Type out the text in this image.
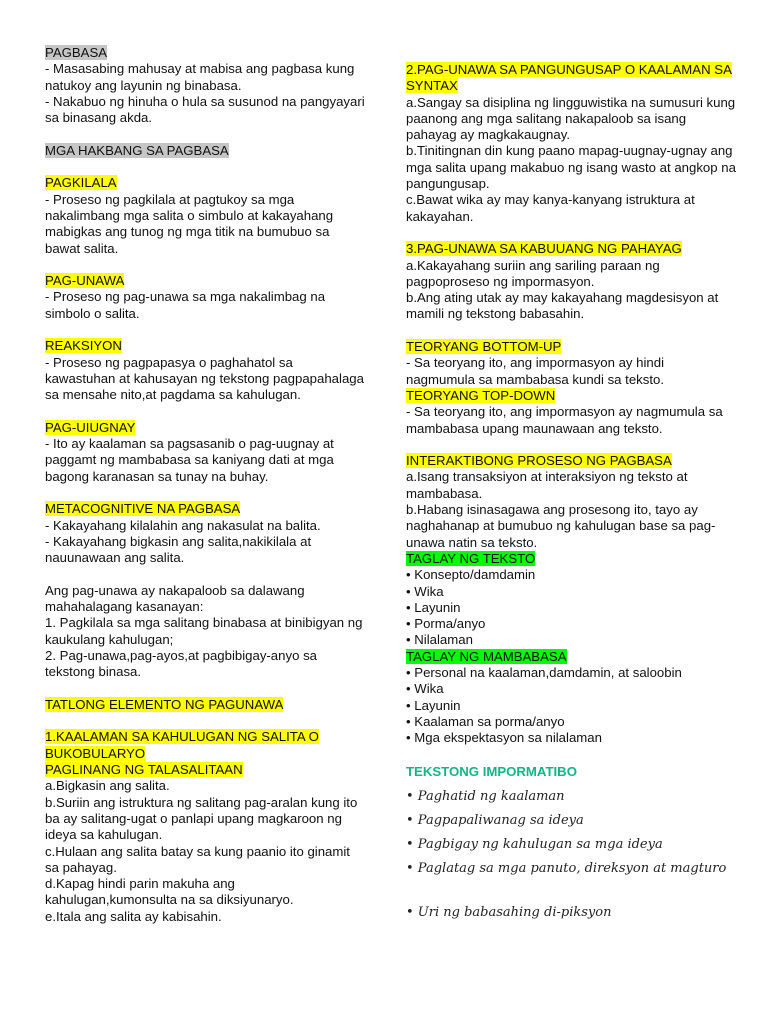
PAGBASA

- Masasabing mahusay at mabisa ang pagbasa kung natukoy ang layunin ng binabasa.

- Nakabuo ng hinuha o hula sa susunod na pangyayari sa binasang akda.

MGA HAKBANG SA PAGBASA
PAGKILALA

- Proseso ng pagkilala at pagtukoy sa mga nakalimbang mga salita o simbulo at kakayahang mabigkas ang tunog ng mga titik na bumubuo sa bawat salita.

PAG-UNAWA

- Proseso ng pag-unawa sa mga nakalimbag na simbolo o salita.

REAKSIYON

- Proseso ng pagpapasya o paghahatol sa kawastuhan at kahusayan ng tekstong pagpapahalaga sa mensahe nito,at pagdama sa kahulugan.

PAG-UIUGNAY

- Ito ay kaalaman sa pagsasanib o pag-uugnay at paggamt ng mambabasa sa kaniyang dati at mga bagong karanasan sa tunay na buhay.

METACOGNITIVE NA PAGBASA

- Kakayahang kilalahin ang nakasulat na balita.

- Kakayahang bigkasin ang salita,nakikilala at nauunawaan ang salita.

Ang pag-unawa ay nakapaloob sa dalawang mahahalagang kasanayan:

1. Pagkilala sa mga salitang binabasa at binibigyan ng kaukulang kahulugan;

2. Pag-unawa,pag-ayos,at pagbibigay-anyo sa tekstong binasa.

TATLONG ELEMENTO NG PAGUNAWA
1.KAALAMAN SA KAHULUGAN NG SALITA O BUKOBULARYO
PAGLINANG NG TALASALITAAN

a.Bigkasin ang salita.

b.Suriin ang istruktura ng salitang pag-aralan kung ito ba ay salitang-ugat o panlapi upang magkaroon ng ideya sa kahulugan.

c.Hulaan ang salita batay sa kung paanio ito ginamit sa pahayag.

d.Kapag hindi parin makuha ang kahulugan,kumonsulta na sa diksiyunaryo.

e.Itala ang salita ay kabisahin.

2.PAG-UNAWA SA PANGUNGUSAP O KAALAMAN SA SYNTAX

a.Sangay sa disiplina ng lingguwistika na sumusuri kung paanong ang mga salitang nakapaloob sa isang pahayag ay magkakaugnay.

b.Tinitingnan din kung paano mapag-uugnay-ugnay ang mga salita upang makabuo ng isang wasto at angkop na pangungusap.

c.Bawat wika ay may kanya-kanyang istruktura at kakayahan.

3.PAG-UNAWA SA KABUUANG NG PAHAYAG

a.Kakayahang suriin ang sariling paraan ng pagpoproseso ng impormasyon.

b.Ang ating utak ay may kakayahang magdesisyon at mamili ng tekstong babasahin.

TEORYANG BOTTOM-UP

- Sa teoryang ito, ang impormasyon ay hindi nagmumula sa mambabasa kundi sa teksto.

TEORYANG TOP-DOWN

- Sa teoryang ito, ang impormasyon ay nagmumula sa mambabasa upang maunawaan ang teksto.

INTERAKTIBONG PROSESO NG PAGBASA

a.Isang transaksiyon at interaksiyon ng teksto at mambabasa.

b.Habang isinasagawa ang prosesong ito, tayo ay naghahanap at bumubuo ng kahulugan base sa pag-unawa natin sa teksto.

TAGLAY NG TEKSTO

• Konsepto/damdamin

• Wika

• Layunin

• Porma/anyo

• Nilalaman

TAGLAY NG MAMBABASA

• Personal na kaalaman,damdamin, at saloobin

• Wika

• Layunin

• Kaalaman sa porma/anyo

• Mga ekspektasyon sa nilalaman

TEKSTONG IMPORMATIBO

• Paghatid ng kaalaman

• Pagpapaliwanag sa ideya

• Pagbigay ng kahulugan sa mga ideya

• Paglatag sa mga panuto, direksyon at magturo

• Uri ng babasahing di-piksyon
